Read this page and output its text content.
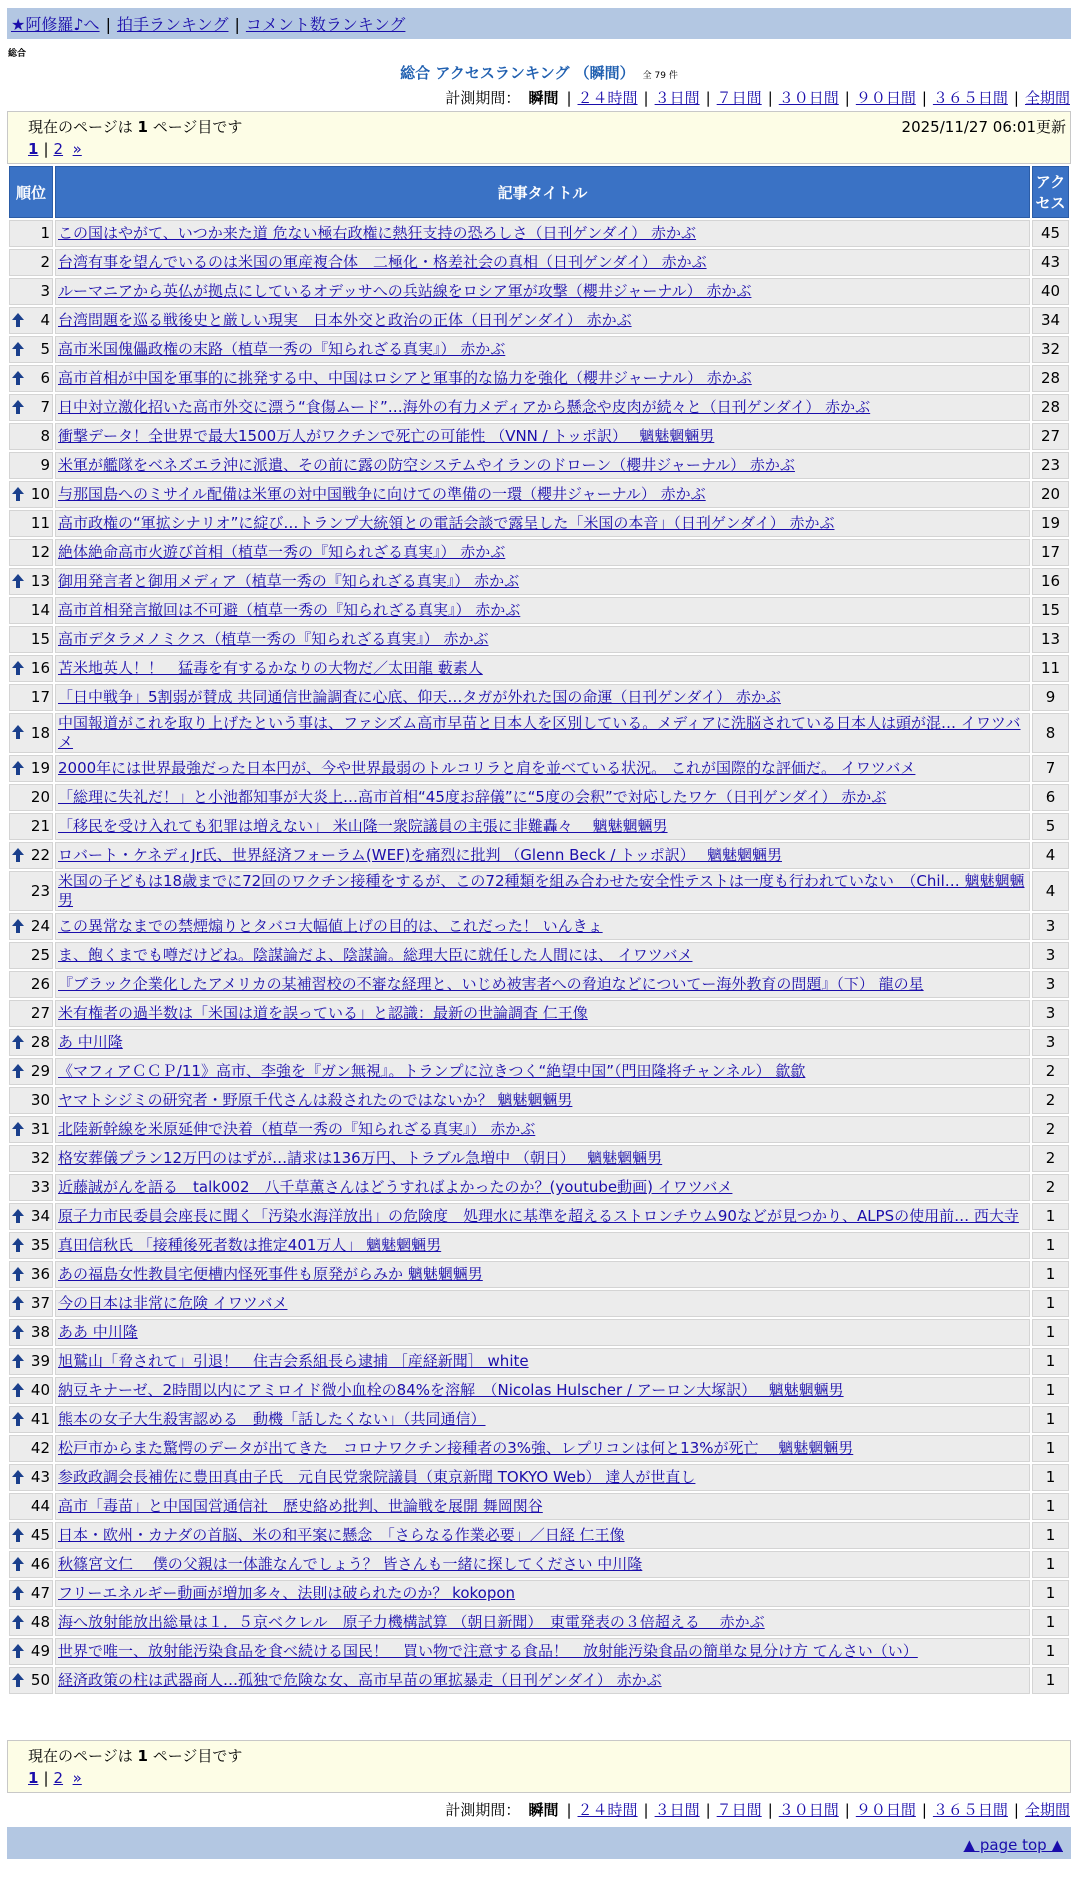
★阿修羅♪へ | 拍手ランキング | コメント数ランキング
総合
総合 アクセスランキング （瞬間） 全 79 件
計測期間： 瞬間 | ２４時間 | ３日間 | ７日間 | ３０日間 | ９０日間 | ３６５日間 | 全期間
現在のページは 1 ページ目です	2025/11/27 06:01更新
1 | 2 »
順位	記事タイトル	アクセス
1	この国はやがて、いつか来た道 危ない極右政権に熱狂支持の恐ろしさ（日刊ゲンダイ） 赤かぶ	45
2	台湾有事を望んでいるのは米国の軍産複合体　二極化・格差社会の真相（日刊ゲンダイ） 赤かぶ	43
3	ルーマニアから英仏が拠点にしているオデッサへの兵站線をロシア軍が攻撃（櫻井ジャーナル） 赤かぶ	40

4	台湾問題を巡る戦後史と厳しい現実　日本外交と政治の正体（日刊ゲンダイ） 赤かぶ	34

5	高市米国傀儡政権の末路（植草一秀の『知られざる真実』） 赤かぶ	32

6	高市首相が中国を軍事的に挑発する中、中国はロシアと軍事的な協力を強化（櫻井ジャーナル） 赤かぶ	28

7	日中対立激化招いた高市外交に漂う“食傷ムード”…海外の有力メディアから懸念や皮肉が続々と（日刊ゲンダイ） 赤かぶ	28
8	衝撃データ！全世界で最大1500万人がワクチンで死亡の可能性 （VNN / トッポ訳）　 魑魅魍魎男	27
9	米軍が艦隊をベネズエラ沖に派遣、その前に露の防空システムやイランのドローン（櫻井ジャーナル） 赤かぶ	23

10	与那国島へのミサイル配備は米軍の対中国戦争に向けての準備の一環（櫻井ジャーナル） 赤かぶ	20
11	高市政権の“軍拡シナリオ”に綻び…トランプ大統領との電話会談で露呈した「米国の本音」（日刊ゲンダイ） 赤かぶ	19
12	絶体絶命高市火遊び首相（植草一秀の『知られざる真実』） 赤かぶ	17

13	御用発言者と御用メディア（植草一秀の『知られざる真実』） 赤かぶ	16
14	高市首相発言撤回は不可避（植草一秀の『知られざる真実』） 赤かぶ	15
15	高市デタラメノミクス（植草一秀の『知られざる真実』） 赤かぶ	13

16	苫米地英人！！　猛毒を有するかなりの大物だ／太田龍 藪素人	11
17	「日中戦争」5割弱が賛成 共同通信世論調査に心底、仰天…タガが外れた国の命運（日刊ゲンダイ） 赤かぶ	9

18	中国報道がこれを取り上げたという事は、ファシズム高市早苗と日本人を区別している。メディアに洗脳されている日本人は頭が混… イワツバメ	8

19	2000年には世界最強だった日本円が、今や世界最弱のトルコリラと肩を並べている状況。 これが国際的な評価だ。 イワツバメ	7
20	「総理に失礼だ！」と小池都知事が大炎上…高市首相“45度お辞儀”に“5度の会釈”で対応したワケ（日刊ゲンダイ） 赤かぶ	6
21	「移民を受け入れても犯罪は増えない」 米山隆一衆院議員の主張に非難轟々　 魑魅魍魎男	5

22	ロバート・ケネディJr氏、世界経済フォーラム(WEF)を痛烈に批判 （Glenn Beck / トッポ訳）　 魑魅魍魎男	4
23	米国の子どもは18歳までに72回のワクチン接種をするが、この72種類を組み合わせた安全性テストは一度も行われていない　（Chil… 魑魅魍魎男	4

24	この異常なまでの禁煙煽りとタバコ大幅値上げの目的は、これだった！ いんきょ	3
25	ま、飽くまでも噂だけどね。陰謀論だよ、陰謀論。総理大臣に就任した人間には、 イワツバメ	3
26	『ブラック企業化したアメリカの某補習校の不審な経理と、いじめ被害者への脅迫などについてー海外教育の問題』（下） 龍の星	3
27	米有権者の過半数は「米国は道を誤っている」と認識：最新の世論調査 仁王像	3

28	あ 中川隆	3

29	《マフィアＣＣＰ/11》高市、李強を『ガン無視』。トランプに泣きつく“絶望中国”（門田隆将チャンネル） 歙歙	2
30	ヤマトシジミの研究者・野原千代さんは殺されたのではないか？ 魑魅魍魎男	2

31	北陸新幹線を米原延伸で決着（植草一秀の『知られざる真実』） 赤かぶ	2
32	格安葬儀プラン12万円のはずが…請求は136万円、トラブル急増中 （朝日）　 魑魅魍魎男	2
33	近藤誠がんを語る　talk002　八千草薫さんはどうすればよかったのか？(youtube動画) イワツバメ	2

34	原子力市民委員会座長に聞く「汚染水海洋放出」の危険度　処理水に基準を超えるストロンチウム90などが見つかり、ALPSの使用前… 西大寺	1

35	真田信秋氏 「接種後死者数は推定401万人」 魑魅魍魎男	1

36	あの福島女性教員宅便槽内怪死事件も原発がらみか 魑魅魍魎男	1

37	今の日本は非常に危険 イワツバメ	1

38	ああ 中川隆	1

39	旭鷲山「脅されて」引退！　住吉会系組長ら逮捕 ［産経新聞］ white	1

40	納豆キナーゼ、2時間以内にアミロイド微小血栓の84%を溶解　（Nicolas Hulscher / アーロン大塚訳）　 魑魅魍魎男	1

41	熊本の女子大生殺害認める　動機「話したくない」（共同通信）	1
42	松戸市からまた驚愕のデータが出てきた　コロナワクチン接種者の3%強、レプリコンは何と13%が死亡　 魑魅魍魎男	1

43	参政政調会長補佐に豊田真由子氏　元自民党衆院議員（東京新聞 TOKYO Web） 達人が世直し	1
44	高市「毒苗」と中国国営通信社　歴史絡め批判、世論戦を展開 舞岡関谷	1

45	日本・欧州・カナダの首脳、米の和平案に懸念　「さらなる作業必要」／日経 仁王像	1

46	秋篠宮文仁　 僕の父親は一体誰なんでしょう？ 皆さんも一緒に探してください 中川隆	1

47	フリーエネルギー動画が増加多々、法則は破られたのか？ kokopon	1

48	海へ放射能放出総量は１．５京ベクレル　原子力機構試算 （朝日新聞）　東電発表の３倍超える　 赤かぶ	1

49	世界で唯一、放射能汚染食品を食べ続ける国民！　買い物で注意する食品！　放射能汚染食品の簡単な見分け方 てんさい（い）	1

50	経済政策の柱は武器商人…孤独で危険な女、高市早苗の軍拡暴走（日刊ゲンダイ） 赤かぶ	1
現在のページは 1 ページ目です
1 | 2 »
計測期間： 瞬間 | ２４時間 | ３日間 | ７日間 | ３０日間 | ９０日間 | ３６５日間 | 全期間
▲ page top ▲
